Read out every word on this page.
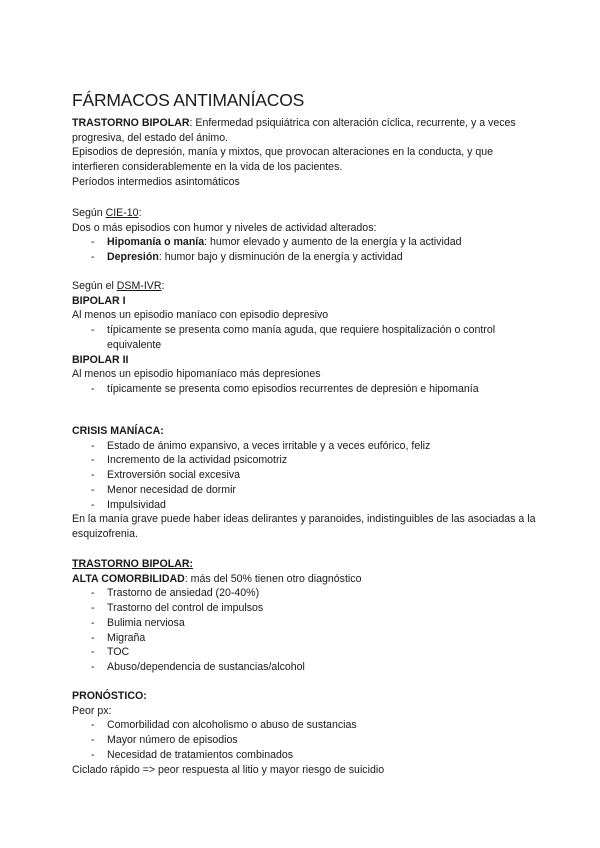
FÁRMACOS ANTIMANÍACOS

TRASTORNO BIPOLAR: Enfermedad psiquiátrica con alteración cíclica, recurrente, y a veces progresiva, del estado del ánimo.

Episodios de depresión, manía y mixtos, que provocan alteraciones en la conducta, y que interfieren considerablemente en la vida de los pacientes.

Períodos intermedios asintomáticos

Según CIE-10:

Dos o más episodios con humor y niveles de actividad alterados:

- Hipomanía o manía: humor elevado y aumento de la energía y la actividad
- Depresión: humor bajo y disminución de la energía y actividad

Según el DSM-IVR:

BIPOLAR I

Al menos un episodio maníaco con episodio depresivo

- típicamente se presenta como manía aguda, que requiere hospitalización o control equivalente

BIPOLAR II

Al menos un episodio hipomaníaco más depresiones

- típicamente se presenta como episodios recurrentes de depresión e hipomanía

CRISIS MANÍACA:

- Estado de ánimo expansivo, a veces irritable y a veces eufórico, feliz
- Incremento de la actividad psicomotriz
- Extroversión social excesiva
- Menor necesidad de dormir
- Impulsividad

En la manía grave puede haber ideas delirantes y paranoides, indistinguibles de las asociadas a la esquizofrenia.

TRASTORNO BIPOLAR:

ALTA COMORBILIDAD: más del 50% tienen otro diagnóstico

- Trastorno de ansiedad (20-40%)
- Trastorno del control de impulsos
- Bulimia nerviosa
- Migraña
- TOC
- Abuso/dependencia de sustancias/alcohol

PRONÓSTICO:

Peor px:

- Comorbilidad con alcoholismo o abuso de sustancias
- Mayor número de episodios
- Necesidad de tratamientos combinados

Ciclado rápido => peor respuesta al litio y mayor riesgo de suicidio
